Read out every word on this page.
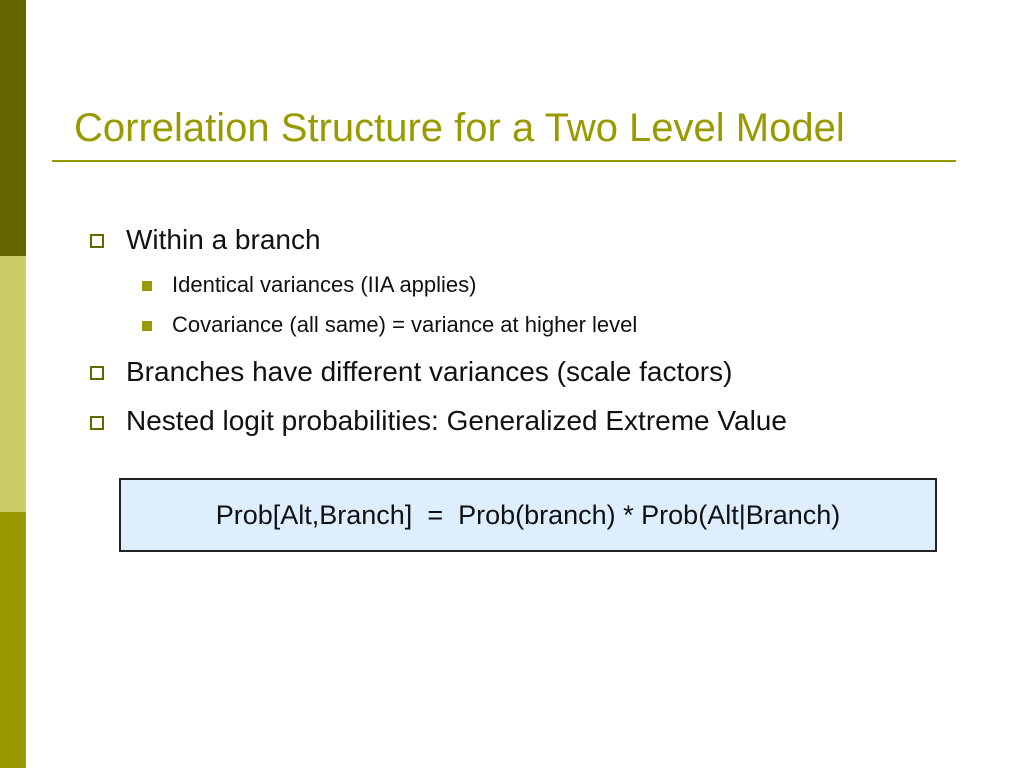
Correlation Structure for a Two Level Model
Within a branch
Identical variances (IIA applies)
Covariance (all same) = variance at higher level
Branches have different variances (scale factors)
Nested logit probabilities: Generalized Extreme Value
Prob[Alt,Branch]  =  Prob(branch) * Prob(Alt|Branch)
